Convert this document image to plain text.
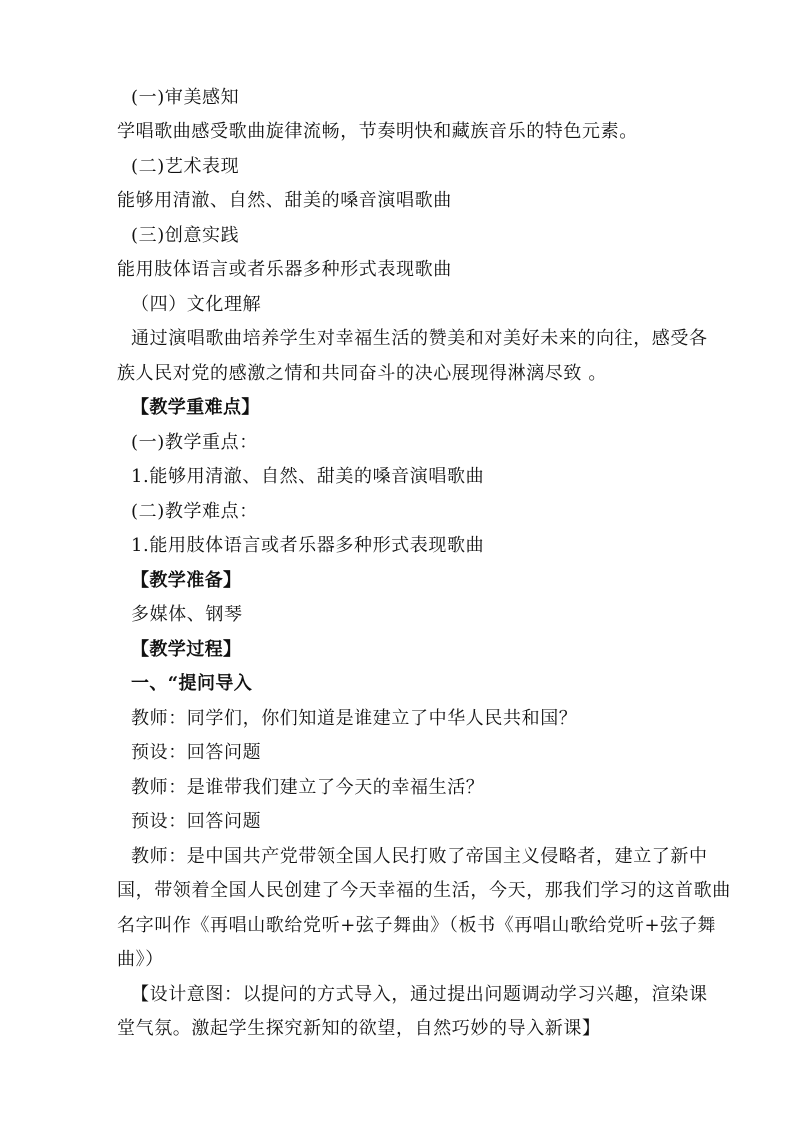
(一)审美感知
学唱歌曲感受歌曲旋律流畅，节奏明快和藏族音乐的特色元素。
(二)艺术表现
能够用清澈、自然、甜美的嗓音演唱歌曲
(三)创意实践
能用肢体语言或者乐器多种形式表现歌曲
（四）文化理解
通过演唱歌曲培养学生对幸福生活的赞美和对美好未来的向往，感受各
族人民对党的感激之情和共同奋斗的决心展现得淋漓尽致 。
【教学重难点】
(一)教学重点：
1.能够用清澈、自然、甜美的嗓音演唱歌曲
(二)教学难点：
1.能用肢体语言或者乐器多种形式表现歌曲
【教学准备】
多媒体、钢琴
【教学过程】
一、“提问导入
教师：同学们，你们知道是谁建立了中华人民共和国？
预设：回答问题
教师：是谁带我们建立了今天的幸福生活？
预设：回答问题
教师：是中国共产党带领全国人民打败了帝国主义侵略者，建立了新中
国，带领着全国人民创建了今天幸福的生活，今天，那我们学习的这首歌曲
名字叫作《再唱山歌给党听+弦子舞曲》（板书《再唱山歌给党听+弦子舞
曲》）
【设计意图：以提问的方式导入，通过提出问题调动学习兴趣，渲染课
堂气氛。激起学生探究新知的欲望，自然巧妙的导入新课】
